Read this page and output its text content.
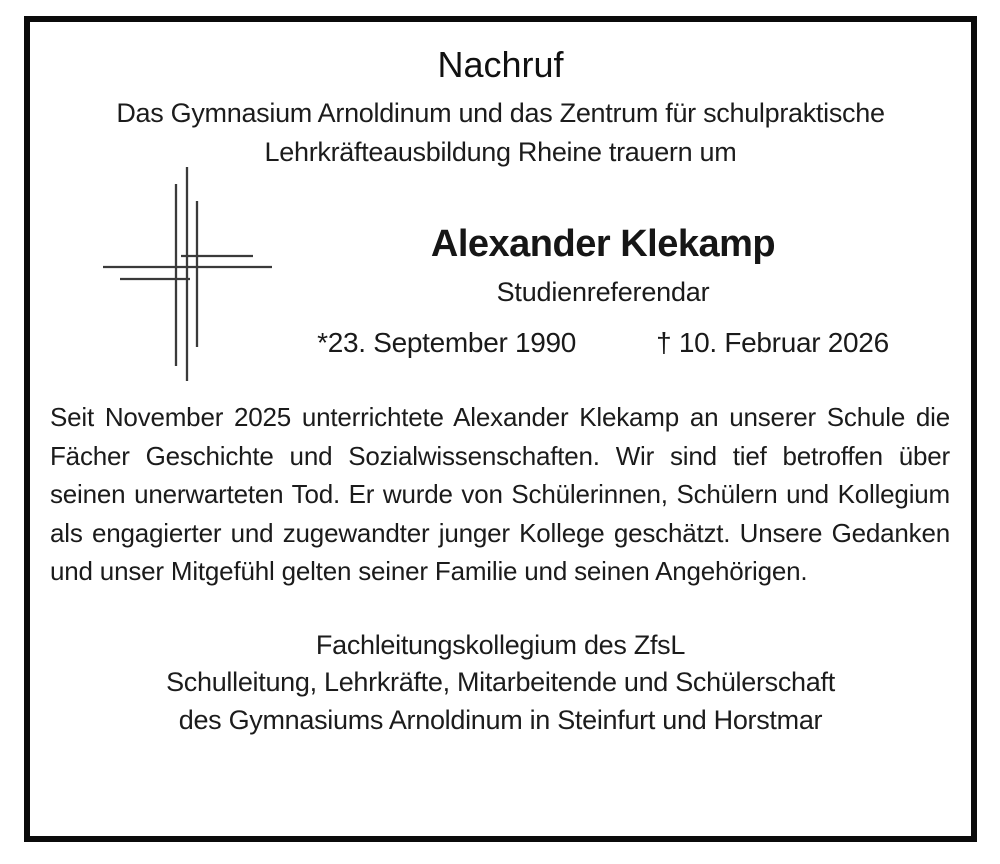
Nachruf
Das Gymnasium Arnoldinum und das Zentrum für schulpraktische
Lehrkräfteausbildung Rheine trauern um
Alexander Klekamp
Studienreferendar
*23. September 1990	† 10. Februar 2026
Seit November 2025 unterrichtete Alexander Klekamp an unserer Schule die Fächer Geschichte und Sozialwissenschaften. Wir sind tief betroffen über seinen unerwarteten Tod. Er wurde von Schülerinnen, Schülern und Kollegium als engagierter und zugewandter junger Kollege geschätzt. Unsere Gedanken und unser Mitgefühl gelten seiner Familie und seinen Angehörigen.
Fachleitungskollegium des ZfsL
Schulleitung, Lehrkräfte, Mitarbeitende und Schülerschaft
des Gymnasiums Arnoldinum in Steinfurt und Horstmar
